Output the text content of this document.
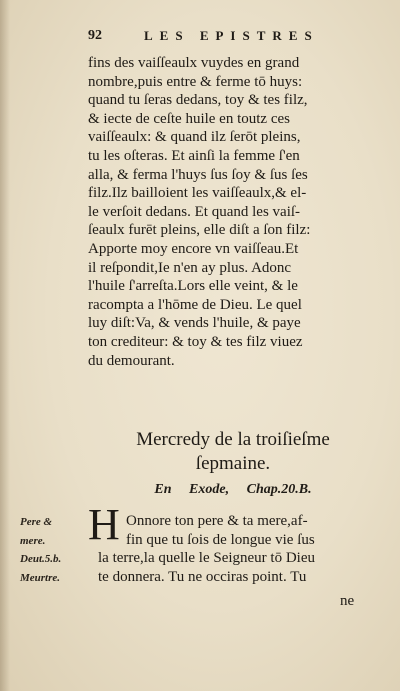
92	LES EPISTRES
fins des vaiſſeaulx vuydes en grand
nombre,puis entre & ferme tō huys:
quand tu ſeras dedans, toy & tes filz,
& iecte de ceſte huile en toutz ces
vaiſſeaulx: & quand ilz ſerōt pleins,
tu les oſteras. Et ainſi la femme ſ'en
alla, & ferma l'huys ſus ſoy & ſus ſes
filz.Ilz bailloient les vaiſſeaulx,& el-
le verſoit dedans. Et quand les vaiſ-
ſeaulx furēt pleins, elle diſt a ſon filz:
Apporte moy encore vn vaiſſeau.Et
il reſpondit,Ie n'en ay plus. Adonc
l'huile ſ'arreſta.Lors elle veint, & le
racompta a l'hōme de Dieu. Le quel
luy diſt:Va, & vends l'huile, & paye
ton crediteur: & toy & tes filz viuez
du demourant.
Mercredy de la troiſieſme
ſepmaine.
En Exode, Chap.20.B.
Pere &
mere.
Deut.5.b.
Meurtre.
H Onnore ton pere & ta mere,af-
fin que tu ſois de longue vie ſus
la terre,la quelle le Seigneur tō Dieu
te donnera. Tu ne occiras point. Tu
ne
